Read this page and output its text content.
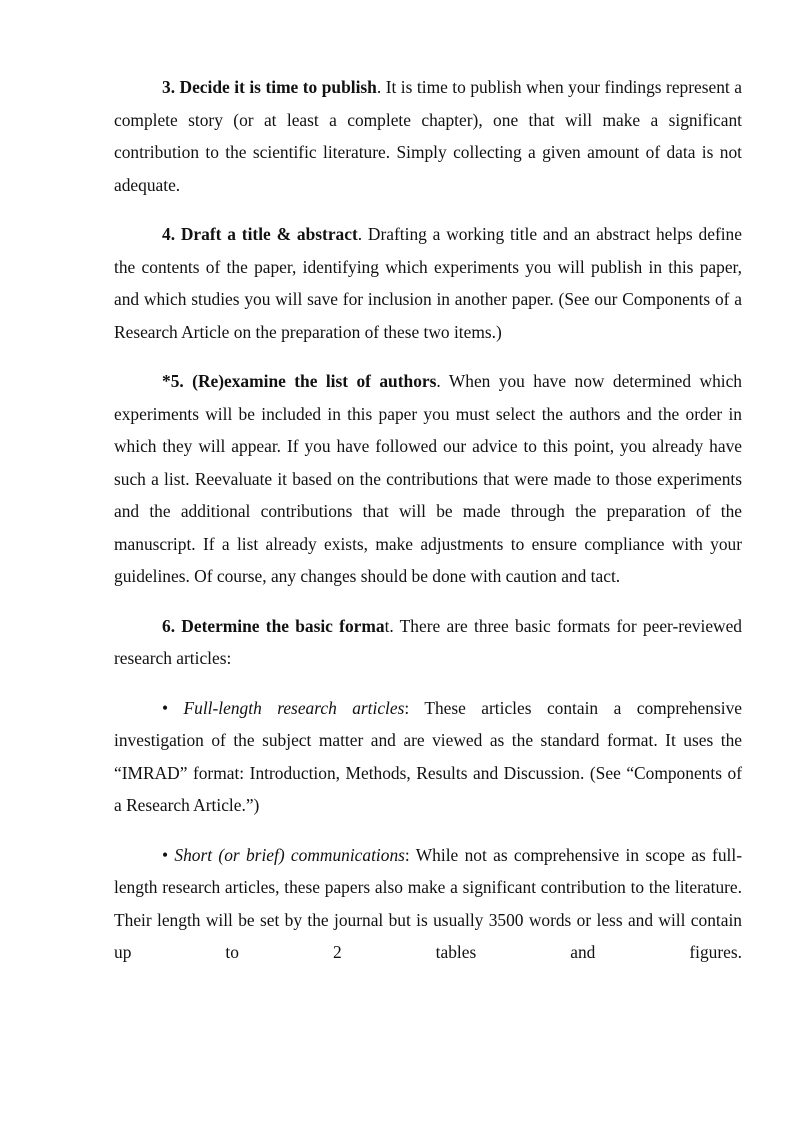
3. Decide it is time to publish. It is time to publish when your findings represent a complete story (or at least a complete chapter), one that will make a significant contribution to the scientific literature. Simply collecting a given amount of data is not adequate.

4. Draft a title & abstract. Drafting a working title and an abstract helps define the contents of the paper, identifying which experiments you will publish in this paper, and which studies you will save for inclusion in another paper. (See our Components of a Research Article on the preparation of these two items.)

*5. (Re)examine the list of authors. When you have now determined which experiments will be included in this paper you must select the authors and the order in which they will appear. If you have followed our advice to this point, you already have such a list. Reevaluate it based on the contributions that were made to those experiments and the additional contributions that will be made through the preparation of the manuscript. If a list already exists, make adjustments to ensure compliance with your guidelines. Of course, any changes should be done with caution and tact.

6. Determine the basic format. There are three basic formats for peer-reviewed research articles:

• Full-length research articles: These articles contain a comprehensive investigation of the subject matter and are viewed as the standard format. It uses the “IMRAD” format: Introduction, Methods, Results and Discussion. (See “Components of a Research Article.”)

• Short (or brief) communications: While not as comprehensive in scope as full-length research articles, these papers also make a significant contribution to the literature. Their length will be set by the journal but is usually 3500 words or less and will contain up to 2 tables and figures.
